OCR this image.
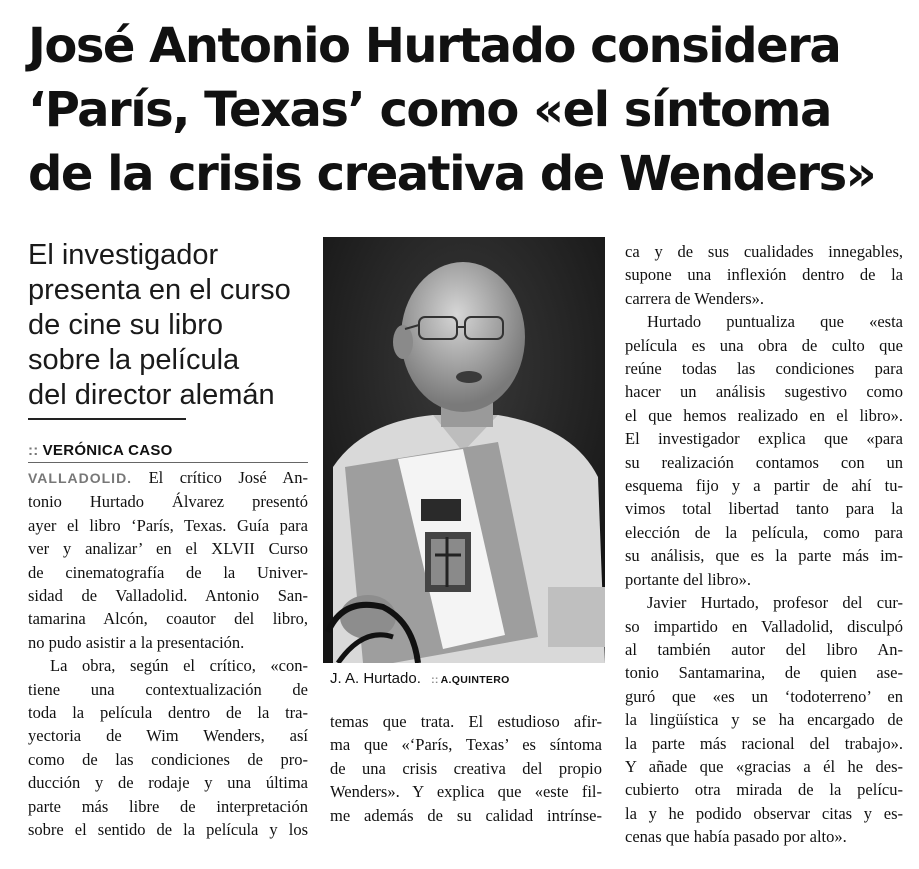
José Antonio Hurtado considera
‘París, Texas’ como «el síntoma
de la crisis creativa de Wenders»
El investigador
presenta en el curso
de cine su libro
sobre la película
del director alemán
:: VERÓNICA CASO

VALLADOLID. El crítico José An-
tonio Hurtado Álvarez presentó
ayer el libro ‘París, Texas. Guía para
ver y analizar’ en el XLVII Curso
de cinematografía de la Univer-
sidad de Valladolid. Antonio San-
tamarina Alcón, coautor del libro,
no pudo asistir a la presentación.

La obra, según el crítico, «con-
tiene una contextualización de
toda la película dentro de la tra-
yectoria de Wim Wenders, así
como de las condiciones de pro-
ducción y de rodaje y una última
parte más libre de interpretación
sobre el sentido de la película y los

J. A. Hurtado. :: A.QUINTERO

temas que trata. El estudioso afir-
ma que «‘París, Texas’ es síntoma
de una crisis creativa del propio
Wenders». Y explica que «este fil-
me además de su calidad intrínse-

ca y de sus cualidades innegables,
supone una inflexión dentro de la
carrera de Wenders».

Hurtado puntualiza que «esta
película es una obra de culto que
reúne todas las condiciones para
hacer un análisis sugestivo como
el que hemos realizado en el libro».
El investigador explica que «para
su realización contamos con un
esquema fijo y a partir de ahí tu-
vimos total libertad tanto para la
elección de la película, como para
su análisis, que es la parte más im-
portante del libro».

Javier Hurtado, profesor del cur-
so impartido en Valladolid, disculpó
al también autor del libro An-
tonio Santamarina, de quien ase-
guró que «es un ‘todoterreno’ en
la lingüística y se ha encargado de
la parte más racional del trabajo».
Y añade que «gracias a él he des-
cubierto otra mirada de la pelícu-
la y he podido observar citas y es-
cenas que había pasado por alto».
